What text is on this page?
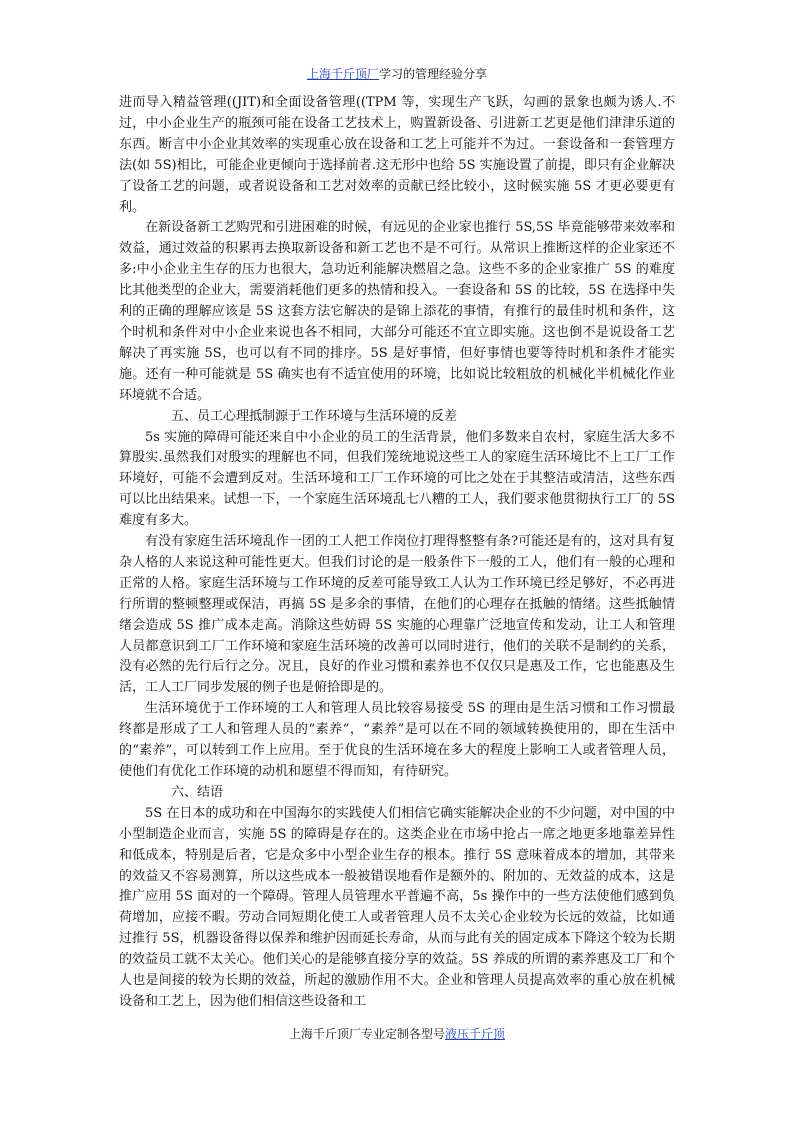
上海千斤顶厂学习的管理经验分享

进而导入精益管理((JIT)和全面设备管理((TPM 等，实现生产飞跃，勾画的景象也颇为诱人.不过，中小企业生产的瓶颈可能在设备工艺技术上，购置新设备、引进新工艺更是他们津津乐道的东西。断言中小企业其效率的实现重心放在设备和工艺上可能并不为过。一套设备和一套管理方法(如 5S)相比，可能企业更倾向于选择前者.这无形中也给 5S 实施设置了前提，即只有企业解决了设备工艺的问题，或者说设备和工艺对效率的贡献已经比较小，这时候实施 5S 才更必要更有利。

在新设备新工艺购咒和引进困难的时候，有远见的企业家也推行 5S,5S 毕竟能够带来效率和效益，通过效益的积累再去换取新设备和新工艺也不是不可行。从常识上推断这样的企业家还不多:中小企业主生存的压力也很大，急功近利能解决燃眉之急。这些不多的企业家推广 5S 的难度比其他类型的企业大，需要消耗他们更多的热情和投入。一套设备和 5S 的比较，5S 在选择中失利的正确的理解应该是 5S 这套方法它解决的是锦上添花的事情，有推行的最佳时机和条件，这个时机和条件对中小企业来说也各不相同，大部分可能还不宜立即实施。这也倒不是说设备工艺解决了再实施 5S，也可以有不同的排序。5S 是好事情，但好事情也要等待时机和条件才能实施。还有一种可能就是 5S 确实也有不适宜使用的环境，比如说比较粗放的机械化半机械化作业环境就不合适。

五、员工心理抵制源于工作环境与生活环境的反差

5s 实施的障碍可能还来自中小企业的员工的生活背景，他们多数来自农村，家庭生活大多不算殷实.虽然我们对殷实的理解也不同，但我们笼统地说这些工人的家庭生活环境比不上工厂工作环境好，可能不会遭到反对。生活环境和工厂工作环境的可比之处在于其整洁或清洁，这些东西可以比出结果来。试想一下，一个家庭生活环境乱七八糟的工人，我们要求他贯彻执行工厂的 5S 难度有多大。

有没有家庭生活环境乱作一团的工人把工作岗位打理得整整有条?可能还是有的，这对具有复杂人格的人来说这种可能性更大。但我们讨论的是一般条件下一般的工人，他们有一般的心理和正常的人格。家庭生活环境与工作环境的反差可能导致工人认为工作环境已经足够好，不必再进行所谓的整顿整理或保洁，再搞 5S 是多余的事情，在他们的心理存在抵触的情绪。这些抵触情绪会造成 5S 推广成本走高。消除这些妨碍 5S 实施的心理靠广泛地宣传和发动，让工人和管理人员都意识到工厂工作环境和家庭生活环境的改善可以同时进行，他们的关联不是制约的关系，没有必然的先行后行之分。况且，良好的作业习惯和素养也不仅仅只是惠及工作，它也能惠及生活，工人工厂同步发展的例子也是俯拾即是的。

生活环境优于工作环境的工人和管理人员比较容易接受 5S 的理由是生活习惯和工作习惯最终都是形成了工人和管理人员的“素养”，“素养”是可以在不同的领域转换使用的，即在生活中的“素养”，可以转到工作上应用。至于优良的生活环境在多大的程度上影响工人或者管理人员，使他们有优化工作环境的动机和愿望不得而知，有待研究。

六、结语

5S 在日本的成功和在中国海尔的实践使人们相信它确实能解决企业的不少问题，对中国的中小型制造企业而言，实施 5S 的障碍是存在的。这类企业在市场中抢占一席之地更多地靠差异性和低成本，特别是后者，它是众多中小型企业生存的根本。推行 5S 意味着成本的增加，其带来的效益又不容易测算，所以这些成本一般被错误地看作是额外的、附加的、无效益的成本，这是推广应用 5S 面对的一个障碍。管理人员管理水平普遍不高，5s 操作中的一些方法使他们感到负荷增加，应接不暇。劳动合同短期化使工人或者管理人员不太关心企业较为长远的效益，比如通过推行 5S，机器设备得以保养和维护因而延长寿命，从而与此有关的固定成本下降这个较为长期的效益员工就不太关心。他们关心的是能够直接分享的效益。5S 养成的所谓的素养惠及工厂和个人也是间接的较为长期的效益，所起的激励作用不大。企业和管理人员提高效率的重心放在机械设备和工艺上，因为他们相信这些设备和工

上海千斤顶厂专业定制各型号液压千斤顶
